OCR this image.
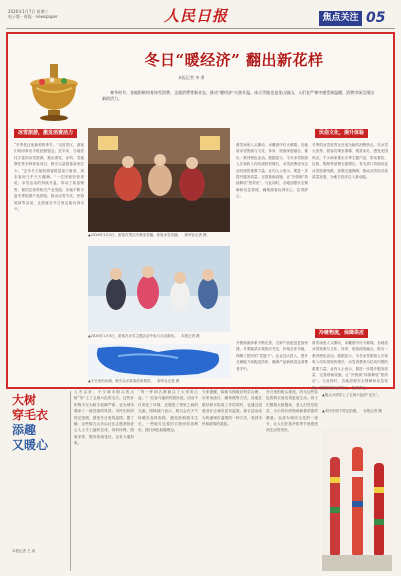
2026年1月7日 星期三
电子版 · 时报 · newspaper	人民日报	焦点关注 05
冬日“暖经济” 翻出新花样
本报记者 李 勇
寒冬时节，各地积极培育冰雪消费、文旅消费等新业态，推动“暖经济”火热升温。冰天雪地也是金山银山，人们在严寒中感受到温暖，消费市场呈现出新的活力。
冰雪旅游，激发消费活力
“冬季是这里最美的季节。”走进景区，游客们纷纷拿出手机拍照留念。近年来，当地依托丰富的冰雪资源，推出滑雪、冰钓、雪地摩托等多种体验项目，吸引大量游客前来打卡。“去年冬天接待游客数量创下新高，周末客房几乎天天爆满。”一位民宿经营者说。冰雪运动的持续升温，带动了装备销售、餐饮住宿等相关产业发展。各地不断丰富冬季旅游产品供给，推出冰雪节庆、民俗展演等活动，让游客在冬日里也能玩得尽兴。
▲2026年1月2日，游客在景区内乘坐雪橇、体验冰雪乐趣。　新华社记者 摄
▲2026年1月5日，游客在冰雪主题活动中参与互动游戏。　本报记者 摄
▲冬日里的冰湖，吸引众多游客前来观赏。　新华社记者 摄
民俗文化，提升体验
滑雪场里人头攒动，冰雕园中灯火璀璨。各地将冰雪资源与文化、体育、旅游深度融合，推出一系列特色活动。数据显示，今冬冰雪旅游人次和收入均实现较快增长，冰雪消费成为拉动内需的重要力量。业内人士表示，要进一步提升服务质量，完善基础设施，让“冷资源”持续释放“热效应”。与此同时，各地加强安全保障和应急管理，确保游客玩得安心、住得舒心。
冬季的冰雪世界正在成为新的消费热点。在冰雪大世界，游客们乘坐滑梯、观赏冰灯，感受北国风光。不少商家推出冬季主题产品，带动餐饮、住宿、购物等消费全面增长。有关部门持续优化冰雪旅游线路，加强交通保障，推动冰雪经济高质量发展，为地方经济注入新动能。
冷链物流，保障供应
冷链物流体系不断完善，生鲜产品配送更加快捷。冬季蔬菜水果供应充足，价格总体平稳，保障了居民的“菜篮子”。企业加大投入，提升仓储能力和配送效率，确保产品新鲜送达消费者手中。
滑雪场里人头攒动，冰雕园中灯火璀璨。各地将冰雪资源与文化、体育、旅游深度融合，推出一系列特色活动。数据显示，今冬冰雪旅游人次和收入均实现较快增长，冰雪消费成为拉动内需的重要力量。业内人士表示，要进一步提升服务质量，完善基础设施，让“冷资源”持续释放“热效应”。与此同时，各地加强安全保障和应急管理，确保游客玩得安心、住得舒心。
大树
穿毛衣
添趣
又暖心
本报记者 王 某
入冬以来，不少城市街头的大树“穿”上了五颜六色的毛衣。这些针织物不仅为树木抵御严寒，也为城市增添了一道亮丽的风景。市民们纷纷驻足拍照，感受冬日里的温情。据了解，这些树衣大多由社区志愿者和爱心人士手工编织完成，用料环保、图案多样，既有传统花纹，也有卡通形象。
“每一件树衣都倾注了大家的心血。”一位参与编织的居民说。活动不仅美化了环境，还增进了邻里之间的交流。园林部门表示，树衣会在天气转暖后及时拆除，避免影响树木生长。一些地方还将旧衣物回收再利用，践行绿色低碳理念。
专家提醒，给树木保暖应科学合理，可采用涂白、缠草绳等方式。各地在做好树木防寒工作的同时，也通过创意设计让城市更有温度。树衣活动成为传递城市温情的一种方式，受到市民和游客的欢迎。
冬日里的街头巷尾，因为这些彩色的树衣而变得更加生动。孩子们围着大树嬉戏，老人们驻足欣赏，小小的针织物承载着浓浓的暖意，也成为城市文化的一部分，让人们在寒冷的季节里感受到生活的美好。
▲街头大树穿上了五颜六色的“毛衣”。
▲市民在树下驻足拍照。　本报记者 摄
